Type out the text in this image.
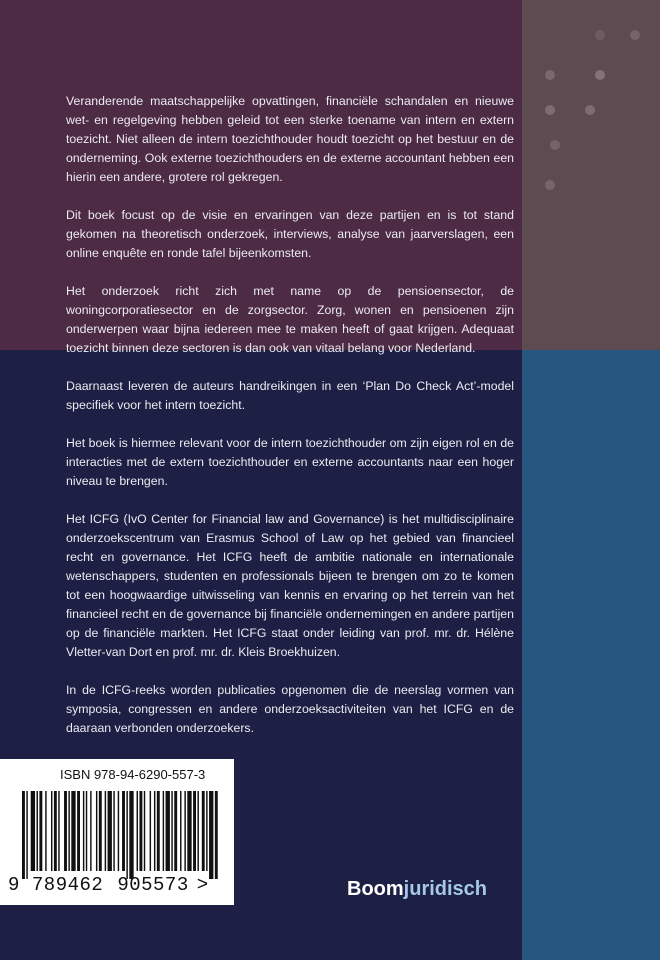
Veranderende maatschappelijke opvattingen, financiële schandalen en nieuwe wet- en regelgeving hebben geleid tot een sterke toename van intern en extern toezicht. Niet alleen de intern toezichthouder houdt toezicht op het bestuur en de onderneming. Ook externe toezichthouders en de externe accountant hebben een hierin een andere, grotere rol gekregen.

Dit boek focust op de visie en ervaringen van deze partijen en is tot stand gekomen na theoretisch onderzoek, interviews, analyse van jaarverslagen, een online enquête en ronde tafel bijeenkomsten.

Het onderzoek richt zich met name op de pensioensector, de woningcorporatiesector en de zorgsector. Zorg, wonen en pensioenen zijn onderwerpen waar bijna iedereen mee te maken heeft of gaat krijgen. Adequaat toezicht binnen deze sectoren is dan ook van vitaal belang voor Nederland.

Daarnaast leveren de auteurs handreikingen in een ‘Plan Do Check Act’-model specifiek voor het intern toezicht.

Het boek is hiermee relevant voor de intern toezichthouder om zijn eigen rol en de interacties met de extern toezichthouder en externe accountants naar een hoger niveau te brengen.

Het ICFG (IvO Center for Financial law and Governance) is het multidisciplinaire onderzoekscentrum van Erasmus School of Law op het gebied van financieel recht en governance. Het ICFG heeft de ambitie nationale en internationale wetenschappers, studenten en professionals bijeen te brengen om zo te komen tot een hoogwaardige uitwisseling van kennis en ervaring op het terrein van het financieel recht en de governance bij financiële ondernemingen en andere partijen op de financiële markten. Het ICFG staat onder leiding van prof. mr. dr. Hélène Vletter-van Dort en prof. mr. dr. Kleis Broekhuizen.

In de ICFG-reeks worden publicaties opgenomen die de neerslag vormen van symposia, congressen en andere onderzoeksactiviteiten van het ICFG en de daaraan verbonden onderzoekers.

ISBN 978-94-6290-557-3
9 789462 905573 >	Boomjuridisch
